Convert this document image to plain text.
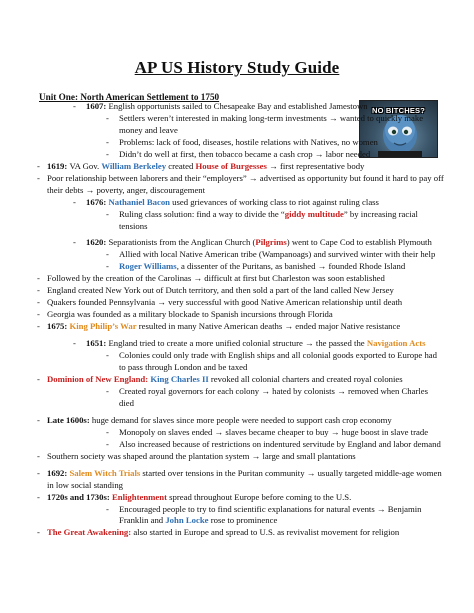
AP US History Study Guide
Unit One: North American Settlement to 1750
NO BITCHES?
- 1607: English opportunists sailed to Chesapeake Bay and established Jamestown
- Settlers weren’t interested in making long-term investments → wanted to quickly make money and leave
- Problems: lack of food, diseases, hostile relations with Natives, no women
- Didn’t do well at first, then tobacco became a cash crop → labor needed
- 1619: VA Gov. William Berkeley created House of Burgesses → first representative body
- Poor relationship between laborers and their “employers” → advertised as opportunity but found it hard to pay off their debts → poverty, anger, discouragement
- 1676: Nathaniel Bacon used grievances of working class to riot against ruling class
- Ruling class solution: find a way to divide the “giddy multitude” by increasing racial tensions
- 1620: Separationists from the Anglican Church (Pilgrims) went to Cape Cod to establish Plymouth
- Allied with local Native American tribe (Wampanoags) and survived winter with their help
- Roger Williams, a dissenter of the Puritans, as banished → founded Rhode Island
- Followed by the creation of the Carolinas → difficult at first but Charleston was soon established
- England created New York out of Dutch territory, and then sold a part of the land called New Jersey
- Quakers founded Pennsylvania → very successful with good Native American relationship until death
- Georgia was founded as a military blockade to Spanish incursions through Florida
- 1675: King Philip’s War resulted in many Native American deaths → ended major Native resistance
- 1651: England tried to create a more unified colonial structure → the passed the Navigation Acts
- Colonies could only trade with English ships and all colonial goods exported to Europe had to pass through London and be taxed
- Dominion of New England: King Charles II revoked all colonial charters and created royal colonies
- Created royal governors for each colony → hated by colonists → removed when Charles died
- Late 1600s: huge demand for slaves since more people were needed to support cash crop economy
- Monopoly on slaves ended → slaves became cheaper to buy → huge boost in slave trade
- Also increased because of restrictions on indentured servitude by England and labor demand
- Southern society was shaped around the plantation system → large and small plantations
- 1692: Salem Witch Trials started over tensions in the Puritan community → usually targeted middle-age women in low social standing
- 1720s and 1730s: Enlightenment spread throughout Europe before coming to the U.S.
- Encouraged people to try to find scientific explanations for natural events → Benjamin Franklin and John Locke rose to prominence
- The Great Awakening: also started in Europe and spread to U.S. as revivalist movement for religion
